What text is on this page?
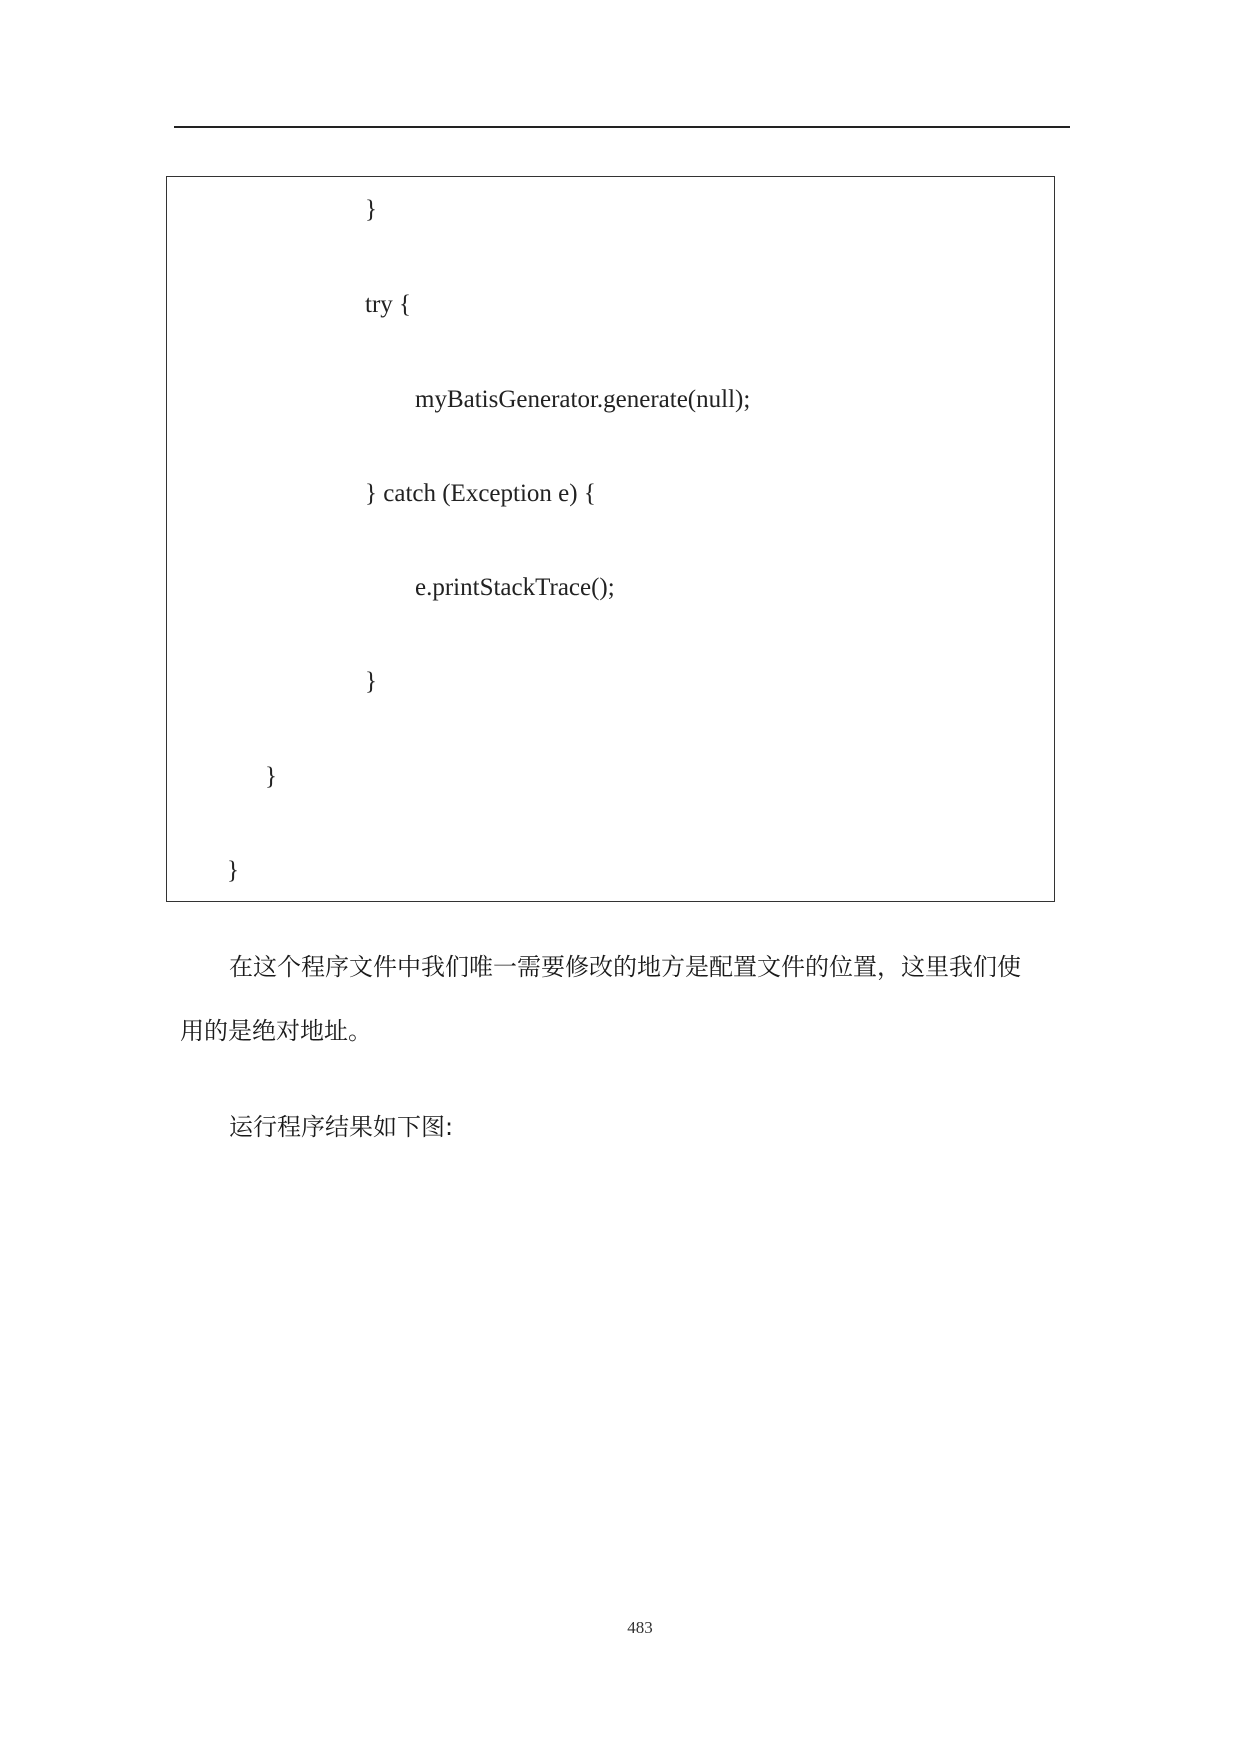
}
try {
myBatisGenerator.generate(null);
} catch (Exception e) {
e.printStackTrace();
}
}
}
在这个程序文件中我们唯一需要修改的地方是配置文件的位置，这里我们使
用的是绝对地址。
运行程序结果如下图:
483
